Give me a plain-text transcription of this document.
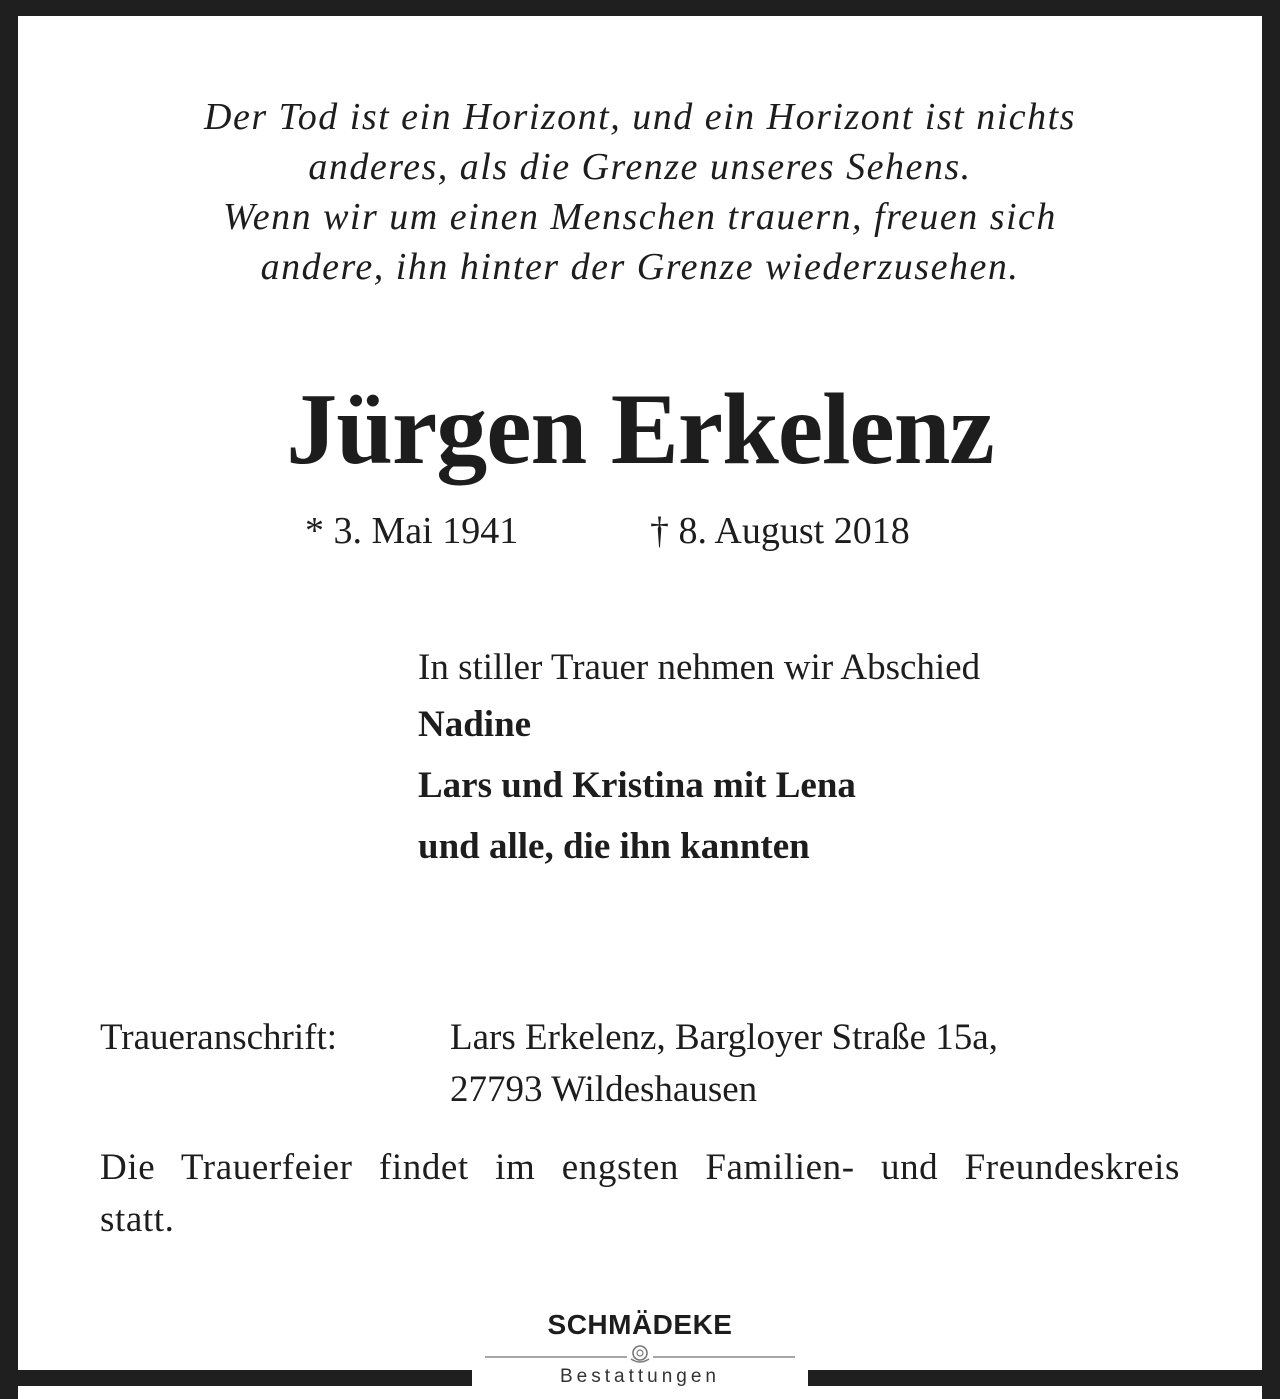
Der Tod ist ein Horizont, und ein Horizont ist nichts
anderes, als die Grenze unseres Sehens.
Wenn wir um einen Menschen trauern, freuen sich
andere, ihn hinter der Grenze wiederzusehen.
Jürgen Erkelenz
* 3. Mai 1941	† 8. August 2018
In stiller Trauer nehmen wir Abschied
Nadine
Lars und Kristina mit Lena
und alle, die ihn kannten
Traueranschrift:	Lars Erkelenz, Bargloyer Straße 15a,
27793 Wildeshausen

Die Trauerfeier findet im engsten Familien- und Freundeskreis statt.

SCHMÄDEKE
Bestattungen
